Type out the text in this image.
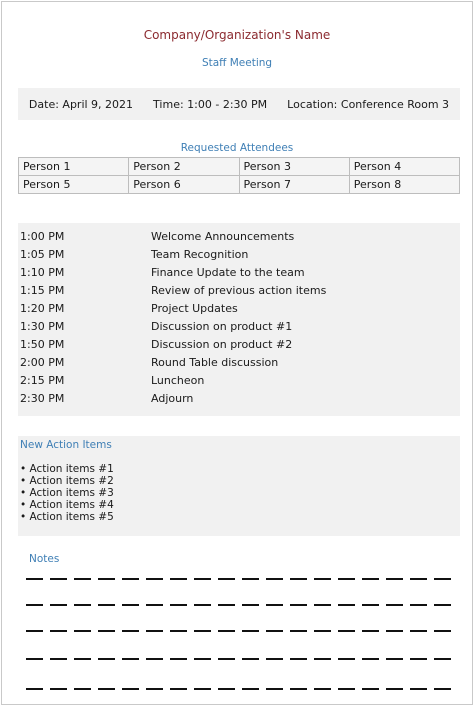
Company/Organization's Name
Staff Meeting
Date: April 9, 2021 Time: 1:00 - 2:30 PM Location: Conference Room 3
Requested Attendees
Person 1	Person 2	Person 3	Person 4
Person 5	Person 6	Person 7	Person 8
1:00 PM	Welcome Announcements
1:05 PM	Team Recognition
1:10 PM	Finance Update to the team
1:15 PM	Review of previous action items
1:20 PM	Project Updates
1:30 PM	Discussion on product #1
1:50 PM	Discussion on product #2
2:00 PM	Round Table discussion
2:15 PM	Luncheon
2:30 PM	Adjourn
New Action Items
• Action items #1
• Action items #2
• Action items #3
• Action items #4
• Action items #5
Notes
